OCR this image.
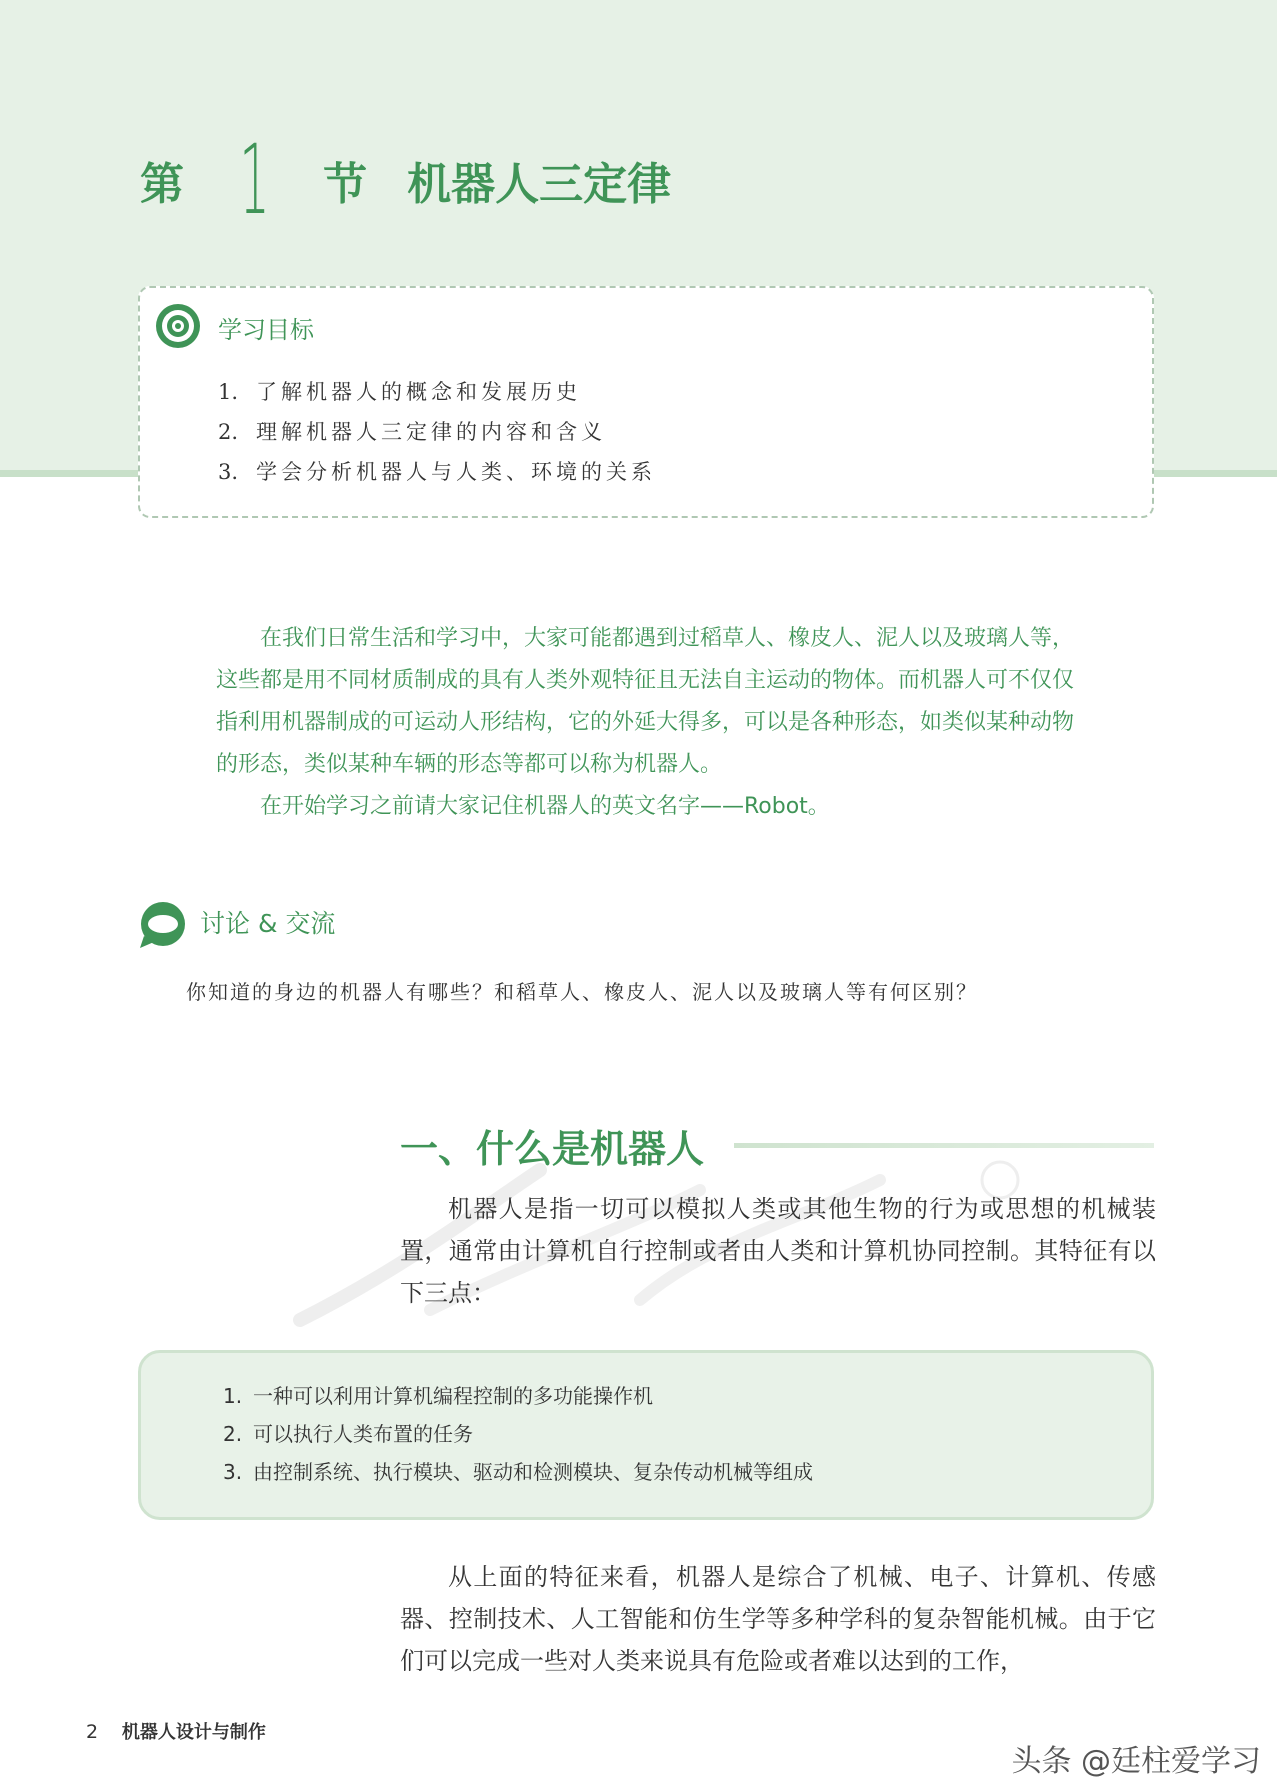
第 1 节 机器人三定律
学习目标
1. 了解机器人的概念和发展历史
2. 理解机器人三定律的内容和含义
3. 学会分析机器人与人类、环境的关系

在我们日常生活和学习中，大家可能都遇到过稻草人、橡皮人、泥人以及玻璃人等，这些都是用不同材质制成的具有人类外观特征且无法自主运动的物体。而机器人可不仅仅指利用机器制成的可运动人形结构，它的外延大得多，可以是各种形态，如类似某种动物的形态，类似某种车辆的形态等都可以称为机器人。

在开始学习之前请大家记住机器人的英文名字——Robot。

讨论 & 交流
你知道的身边的机器人有哪些？和稻草人、橡皮人、泥人以及玻璃人等有何区别？
一、什么是机器人

机器人是指一切可以模拟人类或其他生物的行为或思想的机械装置，通常由计算机自行控制或者由人类和计算机协同控制。其特征有以下三点：

1. 一种可以利用计算机编程控制的多功能操作机
2. 可以执行人类布置的任务
3. 由控制系统、执行模块、驱动和检测模块、复杂传动机械等组成

从上面的特征来看，机器人是综合了机械、电子、计算机、传感器、控制技术、人工智能和仿生学等多种学科的复杂智能机械。由于它们可以完成一些对人类来说具有危险或者难以达到的工作，

2 机器人设计与制作
头条 @廷柱爱学习
